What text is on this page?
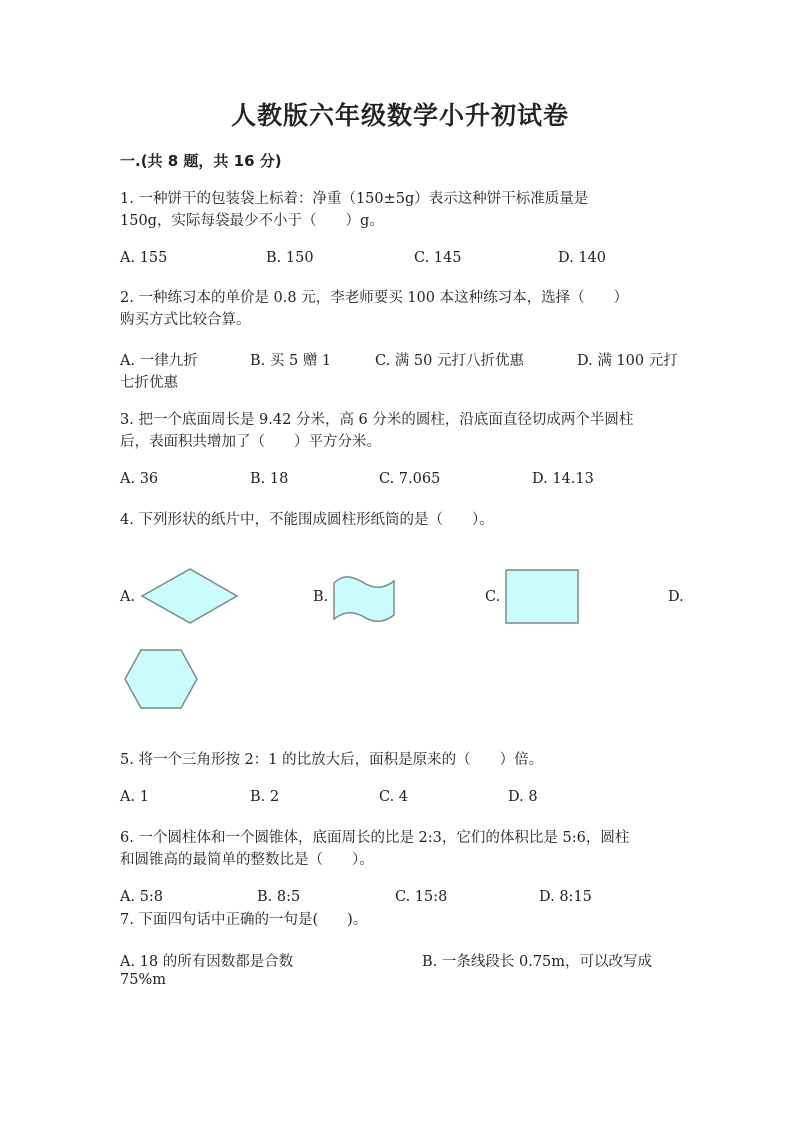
人教版六年级数学小升初试卷
一.(共 8 题，共 16 分)
1. 一种饼干的包装袋上标着：净重（150±5g）表示这种饼干标准质量是
150g，实际每袋最少不小于（　　）g。
A. 155	B. 150	C. 145	D. 140
2. 一种练习本的单价是 0.8 元，李老师要买 100 本这种练习本，选择（　　）
购买方式比较合算。
A. 一律九折	B. 买 5 赠 1	C. 满 50 元打八折优惠	D. 满 100 元打
七折优惠
3. 把一个底面周长是 9.42 分米，高 6 分米的圆柱，沿底面直径切成两个半圆柱
后，表面积共增加了（　　）平方分米。
A. 36	B. 18	C. 7.065	D. 14.13
4. 下列形状的纸片中，不能围成圆柱形纸筒的是（　　）。
A.	B.	C.	D.
5. 将一个三角形按 2：1 的比放大后，面积是原来的（　　）倍。
A. 1	B. 2	C. 4	D. 8
6. 一个圆柱体和一个圆锥体，底面周长的比是 2:3，它们的体积比是 5:6，圆柱
和圆锥高的最简单的整数比是（　　）。
A. 5:8	B. 8:5	C. 15:8	D. 8:15
7. 下面四句话中正确的一句是(　　)。
A. 18 的所有因数都是合数	B. 一条线段长 0.75m，可以改写成
75%m
